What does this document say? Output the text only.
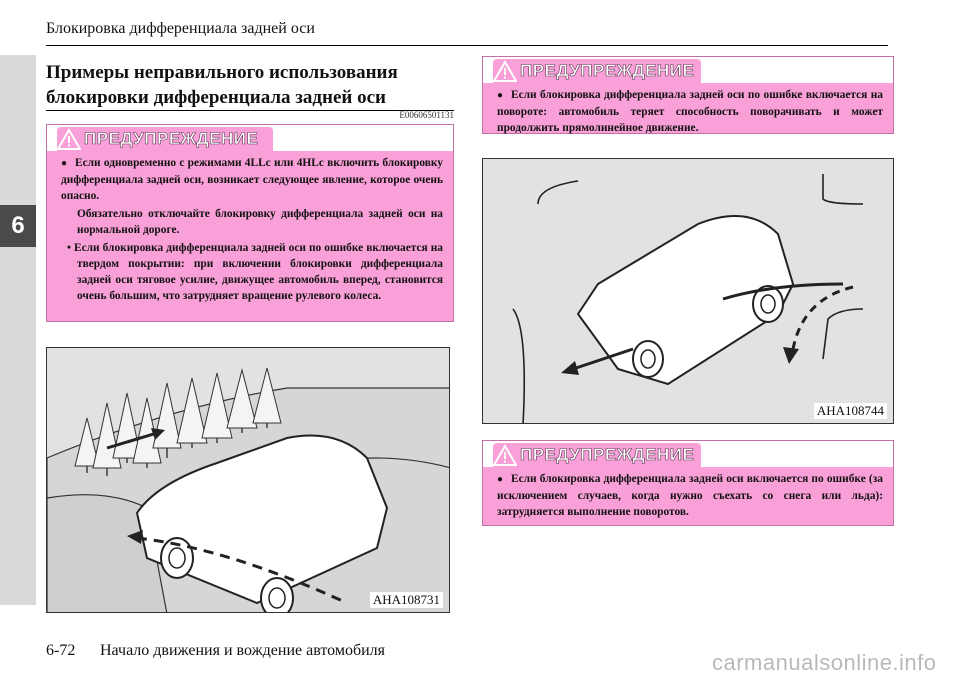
6
Блокировка дифференциала задней оси
Примеры неправильного использования
блокировки дифференциала задней оси
E00606501131
ПРЕДУПРЕЖДЕНИЕ

● Если одновременно с режимами 4LLc или 4HLc включить блокировку дифференциала задней оси, возникает следующее явление, которое очень опасно.

Обязательно отключайте блокировку дифференциала задней оси на нормальной дороге.

• Если блокировка дифференциала задней оси по ошибке включается на твердом покрытии: при включении блокировки дифференциала задней оси тяговое усилие, движущее автомобиль вперед, становится очень большим, что затрудняет вращение рулевого колеса.

AHA108731
ПРЕДУПРЕЖДЕНИЕ

● Если блокировка дифференциала задней оси по ошибке включается на повороте: автомобиль теряет способность поворачивать и может продолжить прямолинейное движение.

AHA108744
ПРЕДУПРЕЖДЕНИЕ

● Если блокировка дифференциала задней оси включается по ошибке (за исключением случаев, когда нужно съехать со снега или льда): затрудняется выполнение поворотов.

6-72 Начало движения и вождение автомобиля	carmanualsonline.info
